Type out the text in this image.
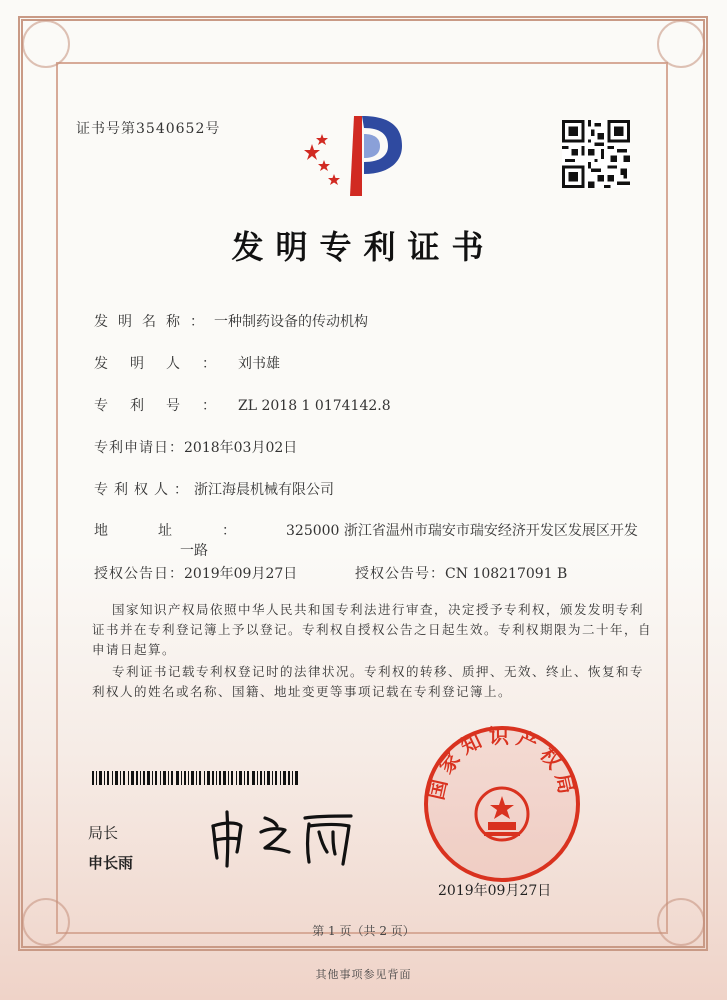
证书号第3540652号
发明专利证书
发明名称：一种制药设备的传动机构
发明人：刘书雄
专利号：ZL 2018 1 0174142.8
专利申请日：2018年03月02日
专利权人：浙江海晨机械有限公司
地址：325000 浙江省温州市瑞安市瑞安经济开发区发展区开发
一路
授权公告日：2019年09月27日	授权公告号：CN 108217091 B
国家知识产权局依照中华人民共和国专利法进行审查，决定授予专利权，颁发发明专利
证书并在专利登记簿上予以登记。专利权自授权公告之日起生效。专利权期限为二十年，自
申请日起算。
专利证书记载专利权登记时的法律状况。专利权的转移、质押、无效、终止、恢复和专
利权人的姓名或名称、国籍、地址变更等事项记载在专利登记簿上。
局长
申长雨
国家知识产权局
2019年09月27日
第 1 页（共 2 页）
其他事项参见背面
